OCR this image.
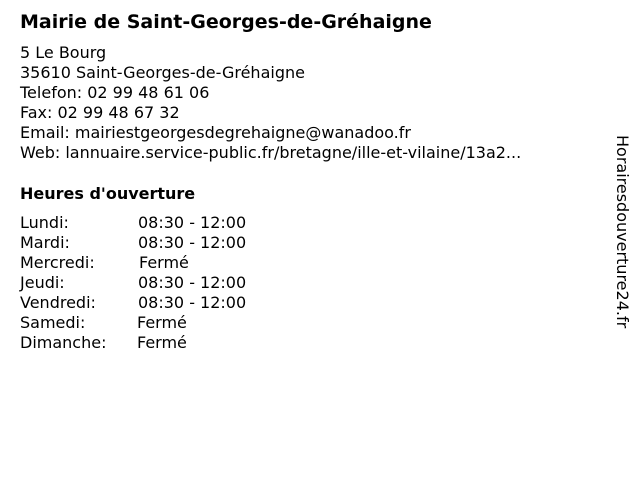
Mairie de Saint-Georges-de-Gréhaigne
5 Le Bourg
35610 Saint-Georges-de-Gréhaigne
Telefon: 02 99 48 61 06
Fax: 02 99 48 67 32
Email: mairiestgeorgesdegrehaigne@wanadoo.fr
Web: lannuaire.service-public.fr/bretagne/ille-et-vilaine/13a2...
Heures d'ouverture
Lundi:	08:30 - 12:00
Mardi:	08:30 - 12:00
Mercredi:	Fermé
Jeudi:	08:30 - 12:00
Vendredi:	08:30 - 12:00
Samedi:	Fermé
Dimanche: Fermé
Horairesdouverture24.fr
